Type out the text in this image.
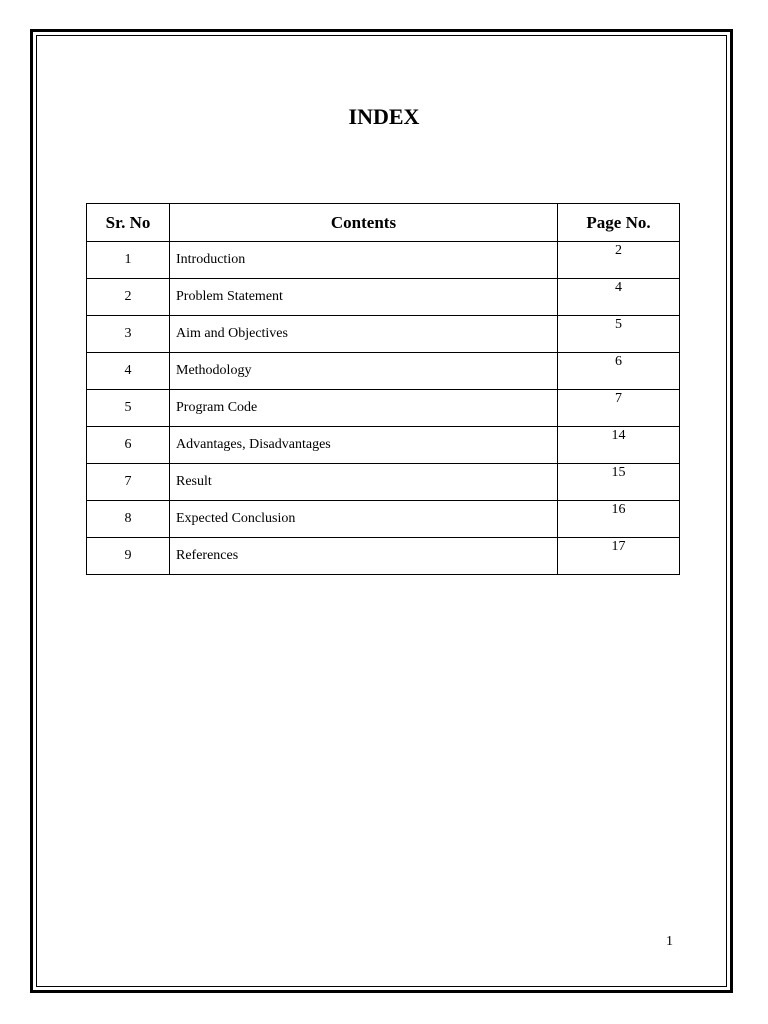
INDEX
Sr. No	Contents	Page No.
1	Introduction	2
2	Problem Statement	4
3	Aim and Objectives	5
4	Methodology	6
5	Program Code	7
6	Advantages, Disadvantages	14
7	Result	15
8	Expected Conclusion	16
9	References	17
1
